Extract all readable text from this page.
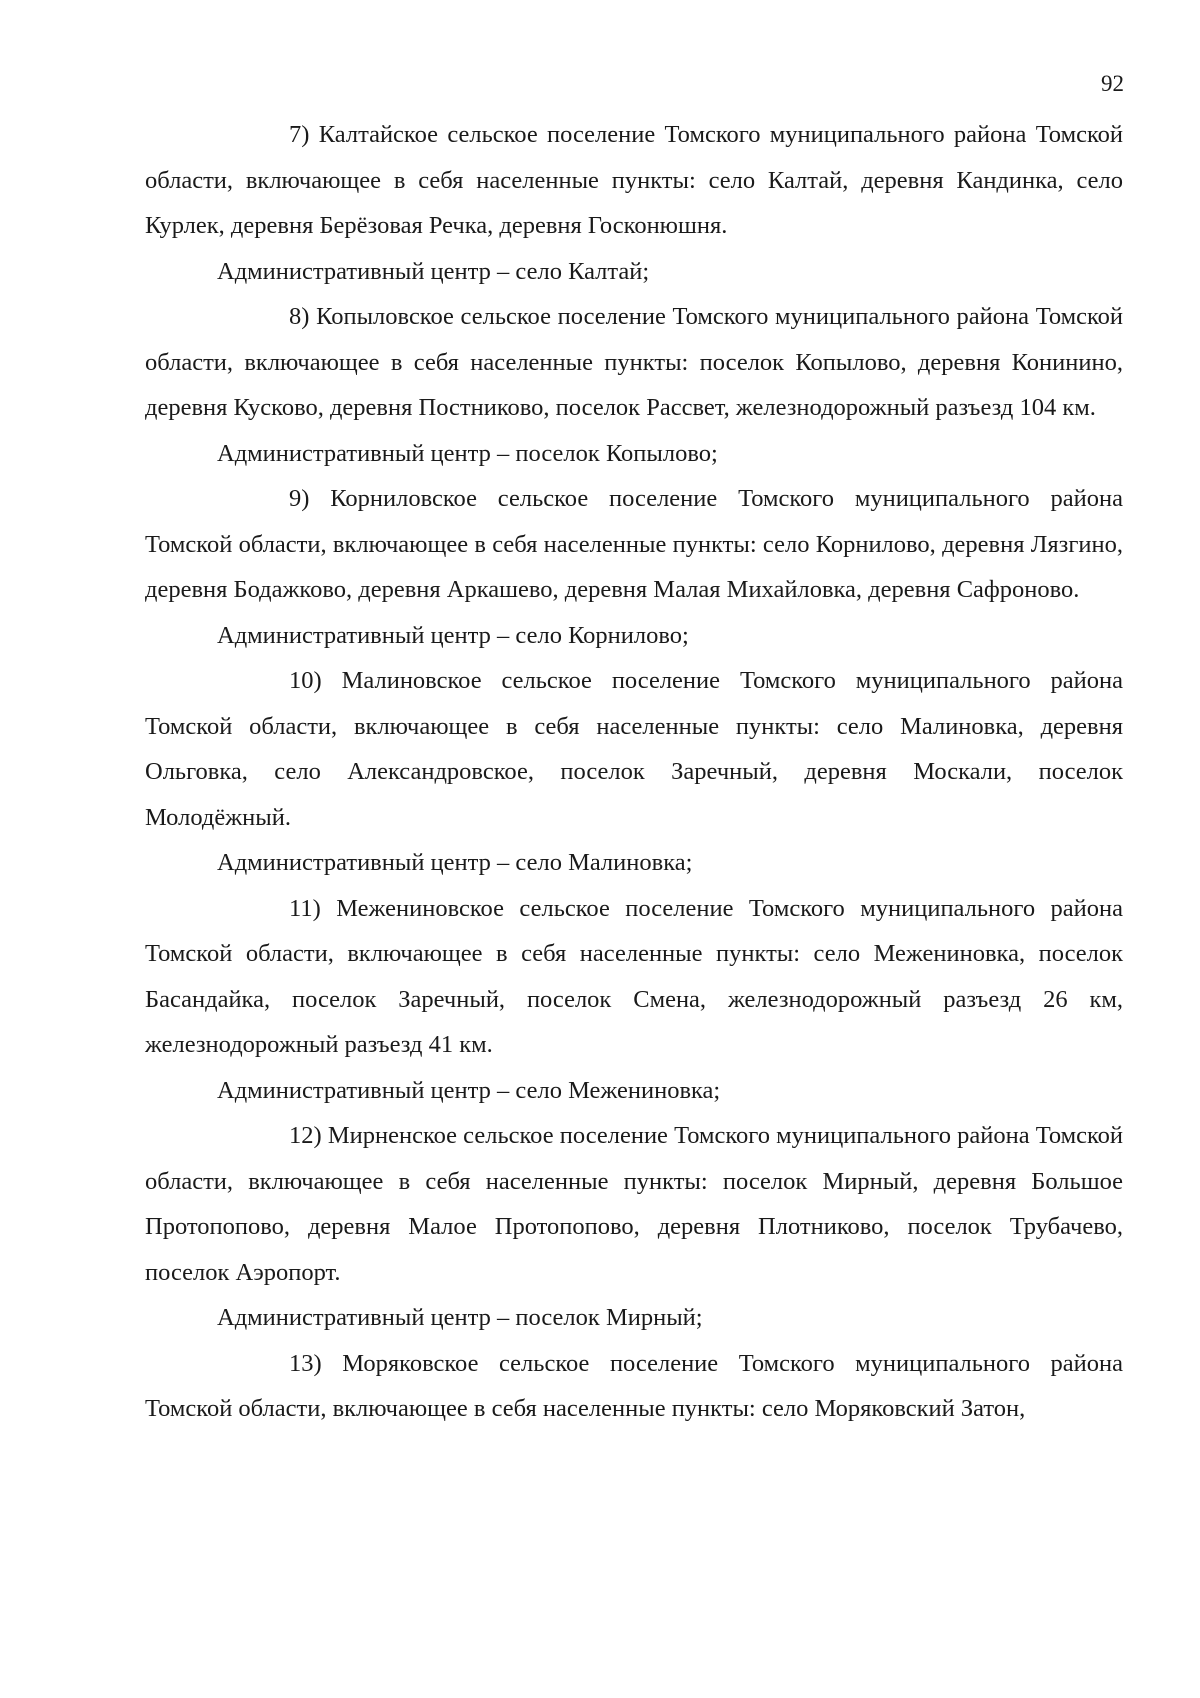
92

7) Калтайское сельское поселение Томского муниципального района Томской области, включающее в себя населенные пункты: село Калтай, деревня Кандинка, село Курлек, деревня Берёзовая Речка, деревня Госконюшня.

Административный центр – село Калтай;

8) Копыловское сельское поселение Томского муниципального района Томской области, включающее в себя населенные пункты: поселок Копылово, деревня Конинино, деревня Кусково, деревня Постниково, поселок Рассвет, железнодорожный разъезд 104 км.

Административный центр – поселок Копылово;

9) Корниловское сельское поселение Томского муниципального района Томской области, включающее в себя населенные пункты: село Корнилово, деревня Лязгино, деревня Бодажково, деревня Аркашево, деревня Малая Михайловка, деревня Сафроново.

Административный центр – село Корнилово;

10) Малиновское сельское поселение Томского муниципального района Томской области, включающее в себя населенные пункты: село Малиновка, деревня Ольговка, село Александровское, поселок Заречный, деревня Москали, поселок Молодёжный.

Административный центр – село Малиновка;

11) Межениновское сельское поселение Томского муниципального района Томской области, включающее в себя населенные пункты: село Межениновка, поселок Басандайка, поселок Заречный, поселок Смена, железнодорожный разъезд 26 км, железнодорожный разъезд 41 км.

Административный центр – село Межениновка;

12) Мирненское сельское поселение Томского муниципального района Томской области, включающее в себя населенные пункты: поселок Мирный, деревня Большое Протопопово, деревня Малое Протопопово, деревня Плотниково, поселок Трубачево, поселок Аэропорт.

Административный центр – поселок Мирный;

13) Моряковское сельское поселение Томского муниципального района Томской области, включающее в себя населенные пункты: село Моряковский Затон,
